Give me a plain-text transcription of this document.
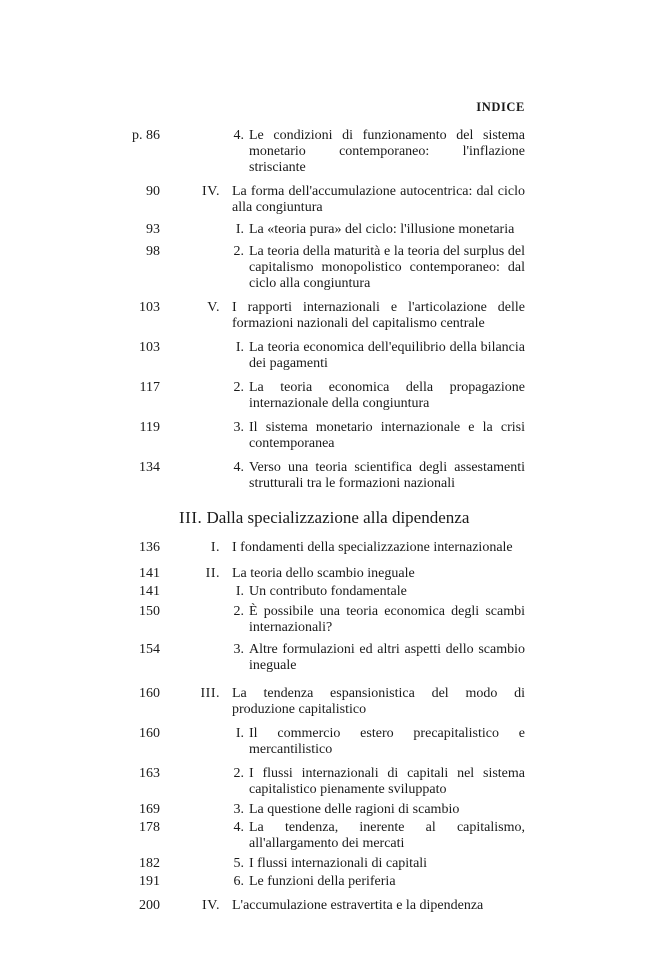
INDICE
p. 86	4. Le condizioni di funzionamento del sistema monetario contemporaneo: l'inflazione strisciante
90	IV. La forma dell'accumulazione autocentrica: dal ciclo alla congiuntura
93	I. La «teoria pura» del ciclo: l'illusione monetaria
98	2. La teoria della maturità e la teoria del surplus del capitalismo monopolistico contemporaneo: dal ciclo alla congiuntura
103	V. I rapporti internazionali e l'articolazione delle formazioni nazionali del capitalismo centrale
103	I. La teoria economica dell'equilibrio della bilancia dei pagamenti
117	2. La teoria economica della propagazione internazionale della congiuntura
119	3. Il sistema monetario internazionale e la crisi contemporanea
134	4. Verso una teoria scientifica degli assestamenti strutturali tra le formazioni nazionali
III. Dalla specializzazione alla dipendenza
136	I. I fondamenti della specializzazione internazionale
141	II. La teoria dello scambio ineguale
141	I. Un contributo fondamentale
150	2. È possibile una teoria economica degli scambi internazionali?
154	3. Altre formulazioni ed altri aspetti dello scambio ineguale
160	III. La tendenza espansionistica del modo di produzione capitalistico
160	I. Il commercio estero precapitalistico e mercantilistico
163	2. I flussi internazionali di capitali nel sistema capitalistico pienamente sviluppato
169	3. La questione delle ragioni di scambio
178	4. La tendenza, inerente al capitalismo, all'allargamento dei mercati
182	5. I flussi internazionali di capitali
191	6. Le funzioni della periferia
200	IV. L'accumulazione estravertita e la dipendenza
